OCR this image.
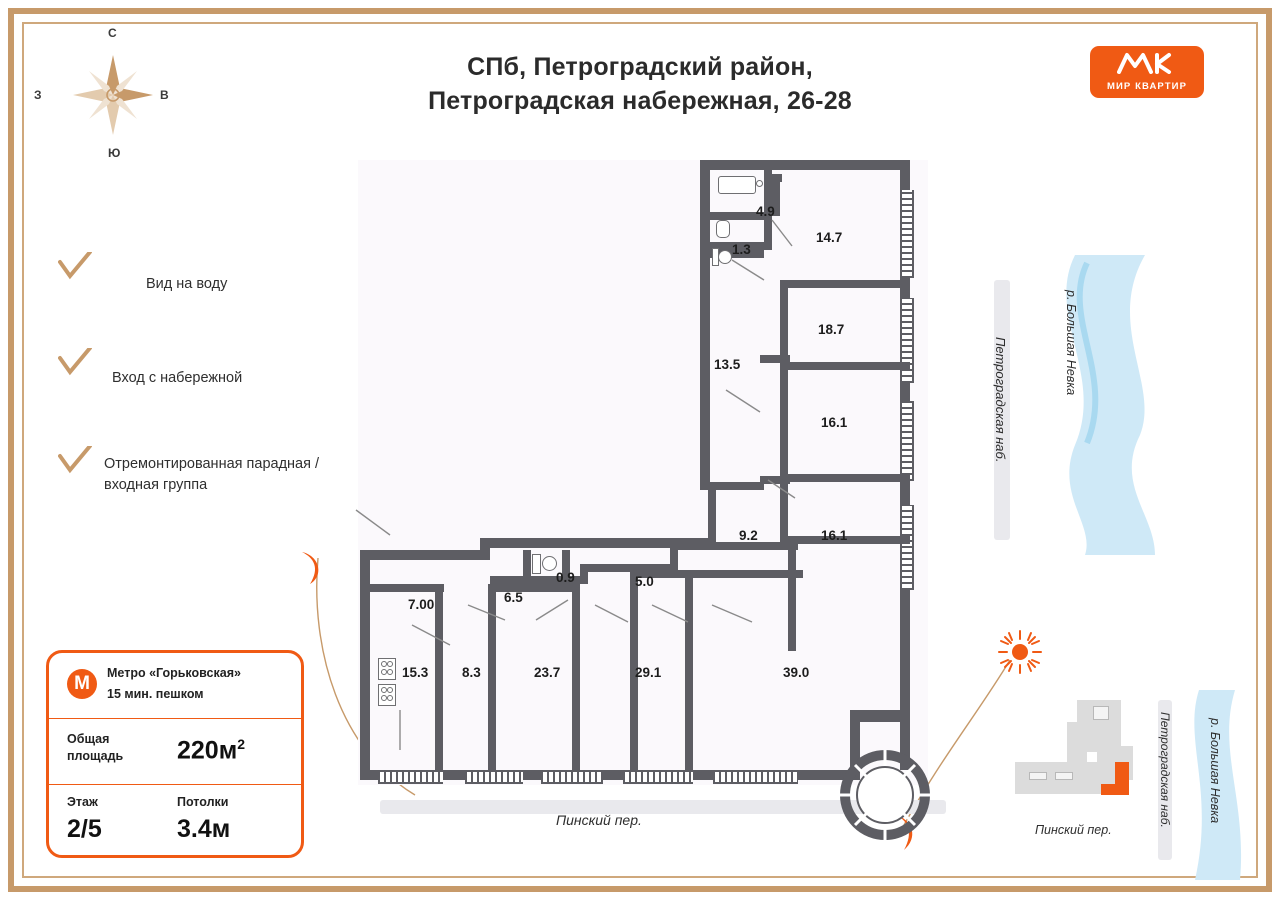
СПб, Петроградский район,
Петроградская набережная, 26-28
МИР КВАРТИР
С
Ю
З	В
Вид на воду
Вход с набережной
Отремонтированная парадная / входная группа
М	Метро «Горьковская»
15 мин. пешком
Общая площадь	$220м^2$
Этаж
2/5
Потолки
3.4м
р. Большая Невка
р. Большая Невка
Петроградская наб.
Петроградская наб.
Пинский пер.
Пинский пер.
4.9
1.3
14.7
18.7
13.5
16.1
16.1
9.2
0.9	5.0
6.5
7.00
15.3 8.3	23.7	29.1	39.0
